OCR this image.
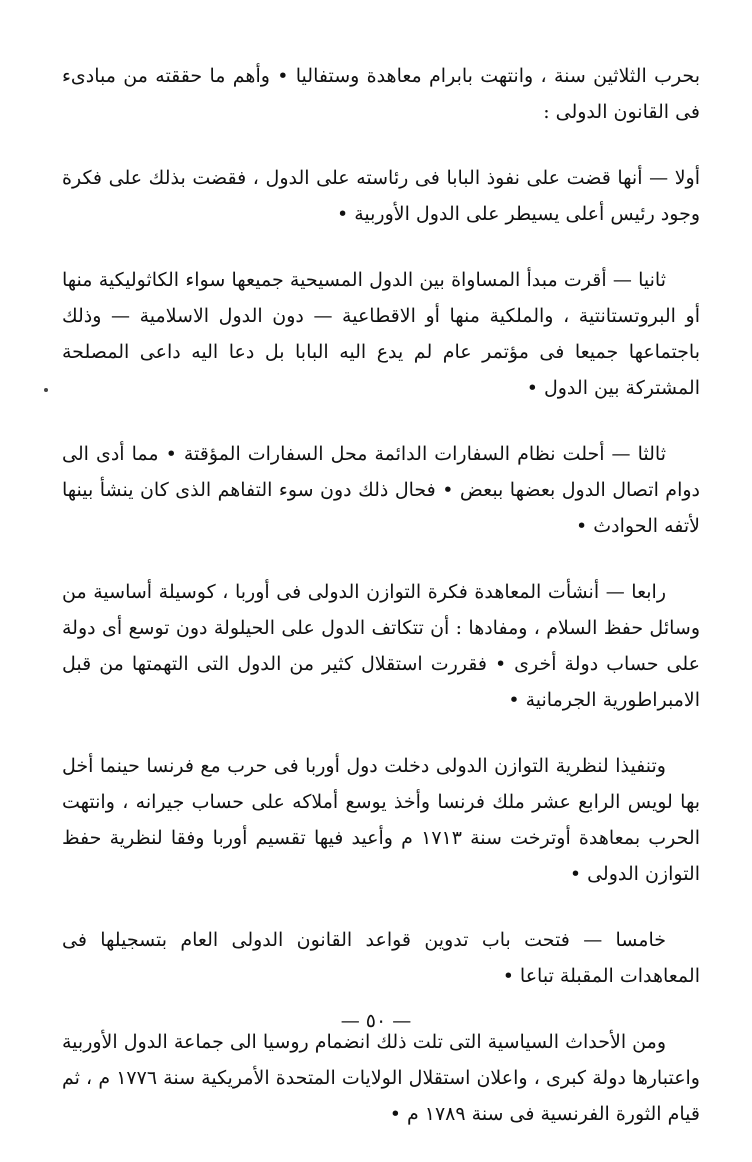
بحرب الثلاثين سنة ، وانتهت بابرام معاهدة وستفاليا • وأهم ما حققته من مبادىء فى القانون الدولى :

أولا — أنها قضت على نفوذ البابا فى رئاسته على الدول ، فقضت بذلك على فكرة وجود رئيس أعلى يسيطر على الدول الأوربية •

ثانيا — أقرت مبدأ المساواة بين الدول المسيحية جميعها سواء الكاثوليكية منها أو البروتستانتية ، والملكية منها أو الاقطاعية — دون الدول الاسلامية — وذلك باجتماعها جميعا فى مؤتمر عام لم يدع اليه البابا بل دعا اليه داعى المصلحة المشتركة بين الدول •

ثالثا — أحلت نظام السفارات الدائمة محل السفارات المؤقتة • مما أدى الى دوام اتصال الدول بعضها ببعض • فحال ذلك دون سوء التفاهم الذى كان ينشأ بينها لأتفه الحوادث •

رابعا — أنشأت المعاهدة فكرة التوازن الدولى فى أوربا ، كوسيلة أساسية من وسائل حفظ السلام ، ومفادها : أن تتكاتف الدول على الحيلولة دون توسع أى دولة على حساب دولة أخرى • فقررت استقلال كثير من الدول التى التهمتها من قبل الامبراطورية الجرمانية •

وتنفيذا لنظرية التوازن الدولى دخلت دول أوربا فى حرب مع فرنسا حينما أخل بها لويس الرابع عشر ملك فرنسا وأخذ يوسع أملاكه على حساب جيرانه ، وانتهت الحرب بمعاهدة أوترخت سنة ١٧١٣ م وأعيد فيها تقسيم أوربا وفقا لنظرية حفظ التوازن الدولى •

خامسا — فتحت باب تدوين قواعد القانون الدولى العام بتسجيلها فى المعاهدات المقبلة تباعا •

ومن الأحداث السياسية التى تلت ذلك انضمام روسيا الى جماعة الدول الأوربية واعتبارها دولة كبرى ، واعلان استقلال الولايات المتحدة الأمريكية سنة ١٧٧٦ م ، ثم قيام الثورة الفرنسية فى سنة ١٧٨٩ م •

— ٥٠ —
